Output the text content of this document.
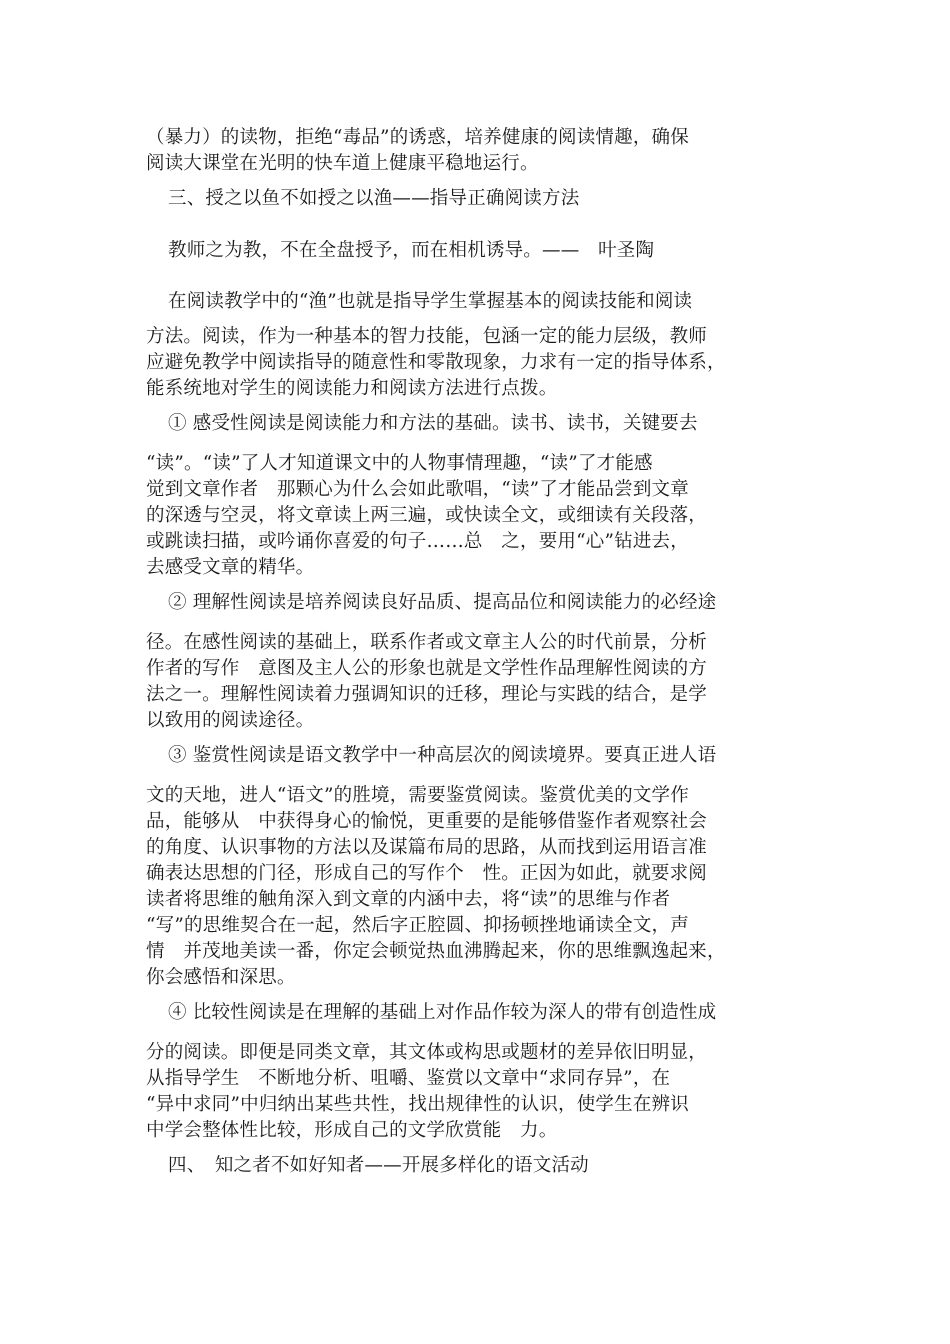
（暴力）的读物，拒绝“毒品”的诱惑，培养健康的阅读情趣，确保
阅读大课堂在光明的快车道上健康平稳地运行。
三、授之以鱼不如授之以渔——指导正确阅读方法
教师之为教，不在全盘授予，而在相机诱导。——　叶圣陶
在阅读教学中的“渔”也就是指导学生掌握基本的阅读技能和阅读
方法。阅读，作为一种基本的智力技能，包涵一定的能力层级，教师
应避免教学中阅读指导的随意性和零散现象，力求有一定的指导体系，
能系统地对学生的阅读能力和阅读方法进行点拨。
① 感受性阅读是阅读能力和方法的基础。读书、读书，关键要去
“读”。“读”了人才知道课文中的人物事情理趣，“读”了才能感
觉到文章作者　那颗心为什么会如此歌唱，“读”了才能品尝到文章
的深透与空灵，将文章读上两三遍，或快读全文，或细读有关段落，
或跳读扫描，或吟诵你喜爱的句子……总　之，要用“心”钻进去，
去感受文章的精华。
② 理解性阅读是培养阅读良好品质、提高品位和阅读能力的必经途
径。在感性阅读的基础上，联系作者或文章主人公的时代前景，分析
作者的写作　意图及主人公的形象也就是文学性作品理解性阅读的方
法之一。理解性阅读着力强调知识的迁移，理论与实践的结合，是学
以致用的阅读途径。
③ 鉴赏性阅读是语文教学中一种高层次的阅读境界。要真正进人语
文的天地，进人“语文”的胜境，需要鉴赏阅读。鉴赏优美的文学作
品，能够从　中获得身心的愉悦，更重要的是能够借鉴作者观察社会
的角度、认识事物的方法以及谋篇布局的思路，从而找到运用语言准
确表达思想的门径，形成自己的写作个　性。正因为如此，就要求阅
读者将思维的触角深入到文章的内涵中去，将“读”的思维与作者
“写”的思维契合在一起，然后字正腔圆、抑扬顿挫地诵读全文，声
情　并茂地美读一番，你定会顿觉热血沸腾起来，你的思维飘逸起来，
你会感悟和深思。
④ 比较性阅读是在理解的基础上对作品作较为深人的带有创造性成
分的阅读。即便是同类文章，其文体或构思或题材的差异依旧明显，
从指导学生　不断地分析、咀嚼、鉴赏以文章中“求同存异”，在
“异中求同”中归纳出某些共性，找出规律性的认识，使学生在辨识
中学会整体性比较，形成自己的文学欣赏能　力。
四、　知之者不如好知者——开展多样化的语文活动
